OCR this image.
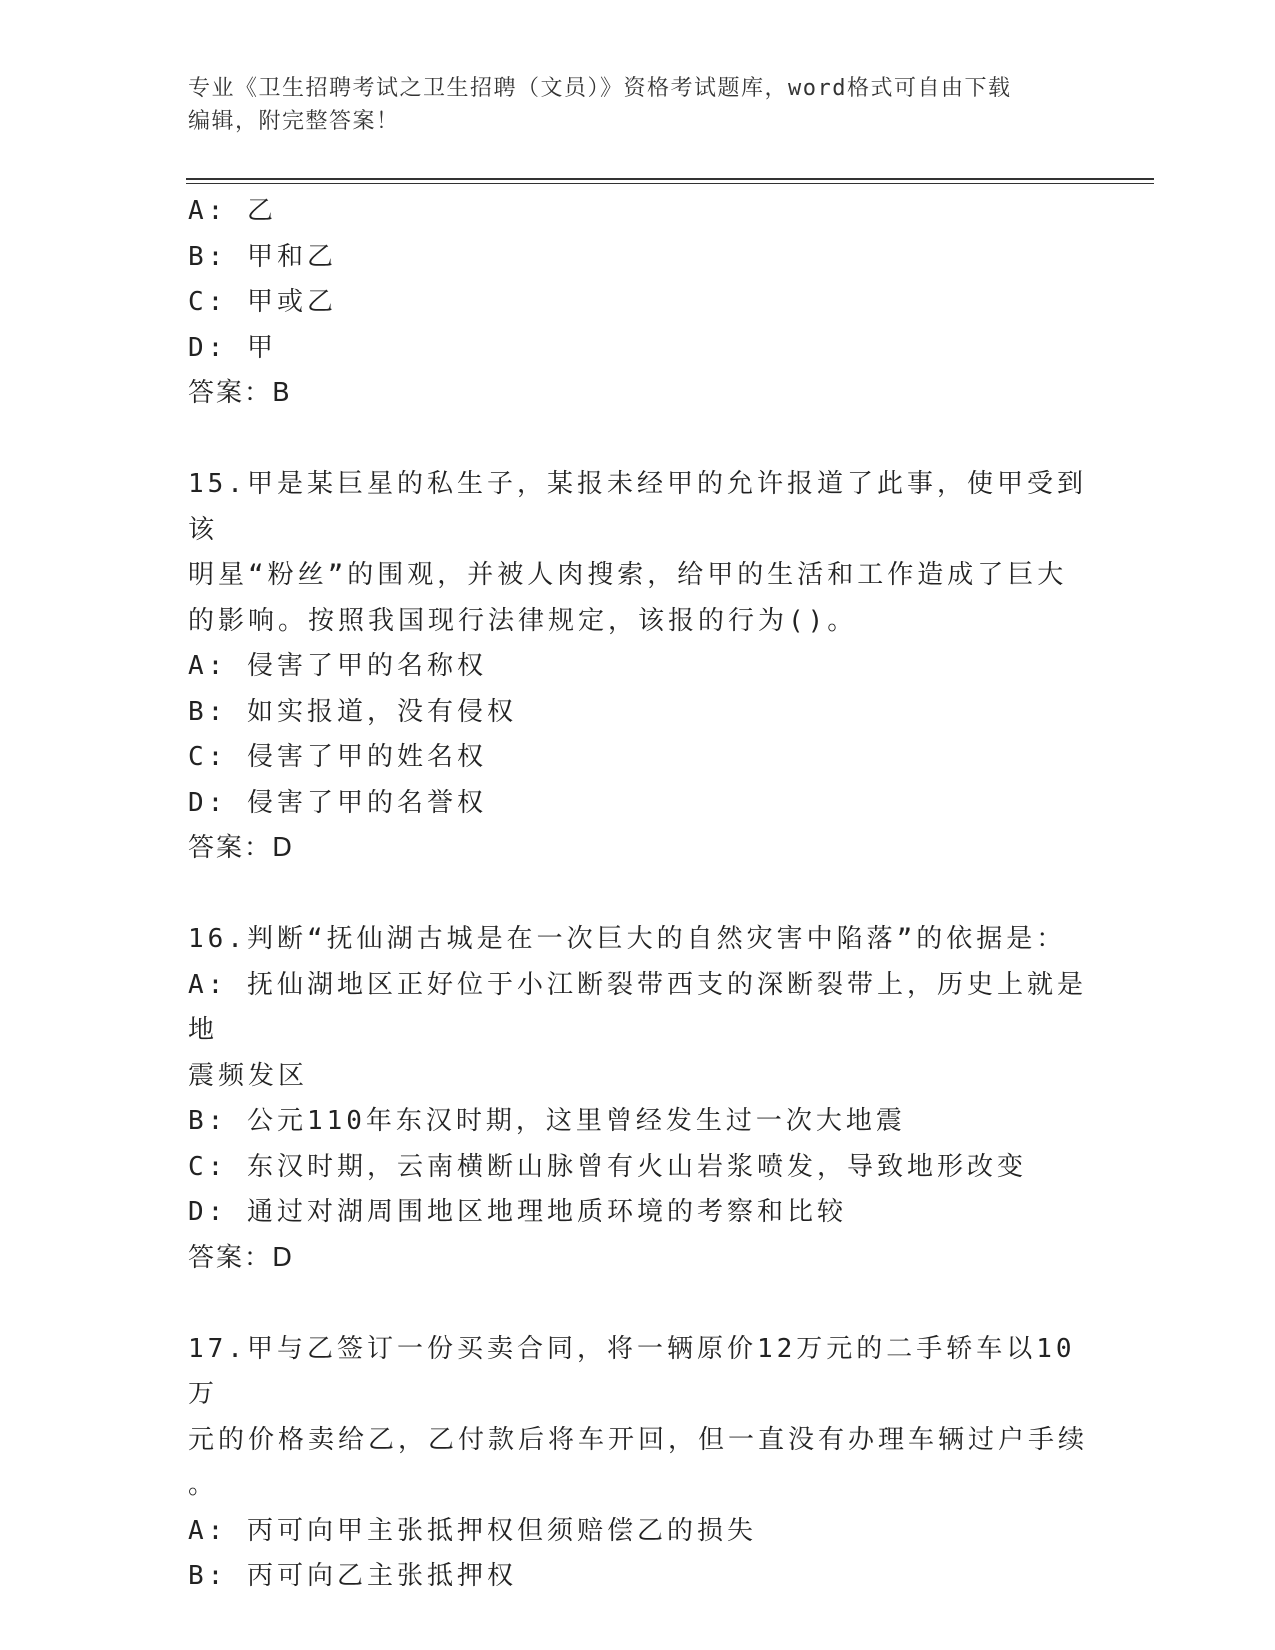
专业《卫生招聘考试之卫生招聘（文员）》资格考试题库，word格式可自由下载
编辑，附完整答案！

A: 乙

B: 甲和乙

C: 甲或乙

D: 甲

答案：B

15.甲是某巨星的私生子，某报未经甲的允许报道了此事，使甲受到该

明星“粉丝”的围观，并被人肉搜索，给甲的生活和工作造成了巨大

的影响。按照我国现行法律规定，该报的行为()。

A: 侵害了甲的名称权

B: 如实报道，没有侵权

C: 侵害了甲的姓名权

D: 侵害了甲的名誉权

答案：D

16.判断“抚仙湖古城是在一次巨大的自然灾害中陷落”的依据是：

A: 抚仙湖地区正好位于小江断裂带西支的深断裂带上，历史上就是地

震频发区

B: 公元110年东汉时期，这里曾经发生过一次大地震

C: 东汉时期，云南横断山脉曾有火山岩浆喷发，导致地形改变

D: 通过对湖周围地区地理地质环境的考察和比较

答案：D

17.甲与乙签订一份买卖合同，将一辆原价12万元的二手轿车以10万

元的价格卖给乙，乙付款后将车开回，但一直没有办理车辆过户手续

。

A: 丙可向甲主张抵押权但须赔偿乙的损失

B: 丙可向乙主张抵押权
